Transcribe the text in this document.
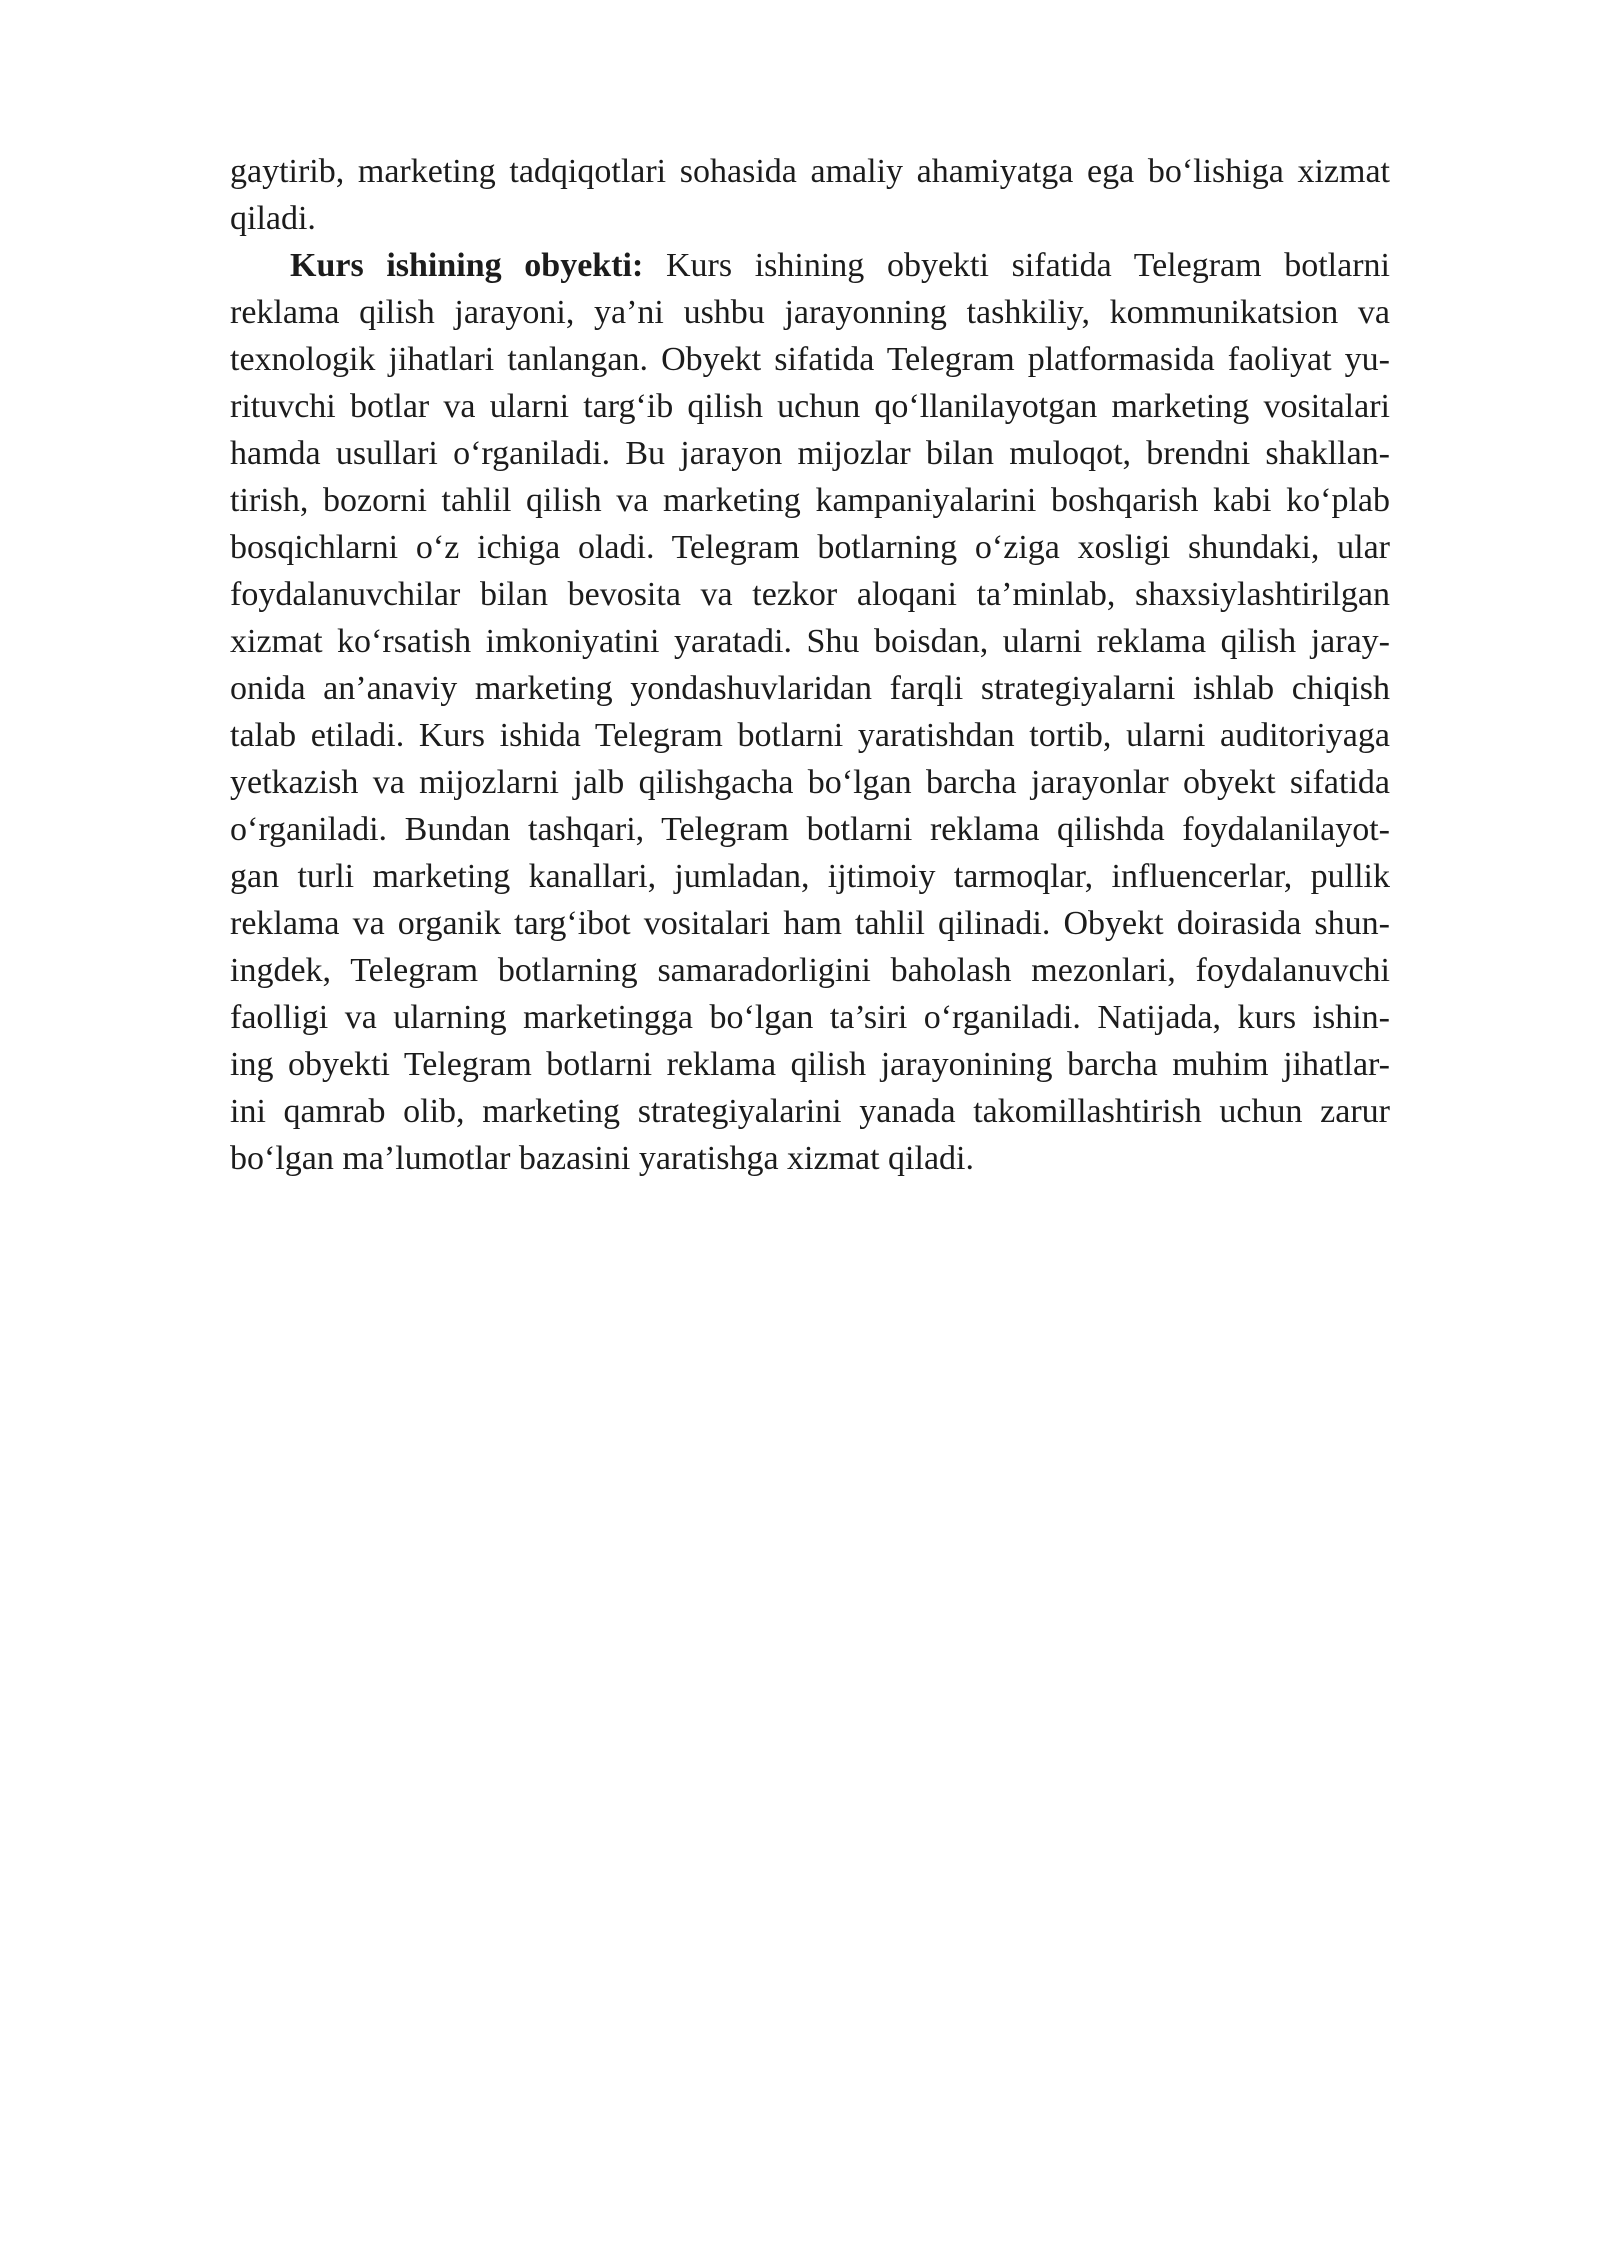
gaytirib, marketing tadqiqotlari sohasida amaliy ahamiyatga ega bo‘lishiga xizmat
qiladi.
Kurs ishining obyekti: Kurs ishining obyekti sifatida Telegram botlarni
reklama qilish jarayoni, ya’ni ushbu jarayonning tashkiliy, kommunikatsion va
texnologik jihatlari tanlangan. Obyekt sifatida Telegram platformasida faoliyat yu-
rituvchi botlar va ularni targ‘ib qilish uchun qo‘llanilayotgan marketing vositalari
hamda usullari o‘rganiladi. Bu jarayon mijozlar bilan muloqot, brendni shakllan-
tirish, bozorni tahlil qilish va marketing kampaniyalarini boshqarish kabi ko‘plab
bosqichlarni o‘z ichiga oladi. Telegram botlarning o‘ziga xosligi shundaki, ular
foydalanuvchilar bilan bevosita va tezkor aloqani ta’minlab, shaxsiylashtirilgan
xizmat ko‘rsatish imkoniyatini yaratadi. Shu boisdan, ularni reklama qilish jaray-
onida an’anaviy marketing yondashuvlaridan farqli strategiyalarni ishlab chiqish
talab etiladi. Kurs ishida Telegram botlarni yaratishdan tortib, ularni auditoriyaga
yetkazish va mijozlarni jalb qilishgacha bo‘lgan barcha jarayonlar obyekt sifatida
o‘rganiladi. Bundan tashqari, Telegram botlarni reklama qilishda foydalanilayot-
gan turli marketing kanallari, jumladan, ijtimoiy tarmoqlar, influencerlar, pullik
reklama va organik targ‘ibot vositalari ham tahlil qilinadi. Obyekt doirasida shun-
ingdek, Telegram botlarning samaradorligini baholash mezonlari, foydalanuvchi
faolligi va ularning marketingga bo‘lgan ta’siri o‘rganiladi. Natijada, kurs ishin-
ing obyekti Telegram botlarni reklama qilish jarayonining barcha muhim jihatlar-
ini qamrab olib, marketing strategiyalarini yanada takomillashtirish uchun zarur
bo‘lgan ma’lumotlar bazasini yaratishga xizmat qiladi.
